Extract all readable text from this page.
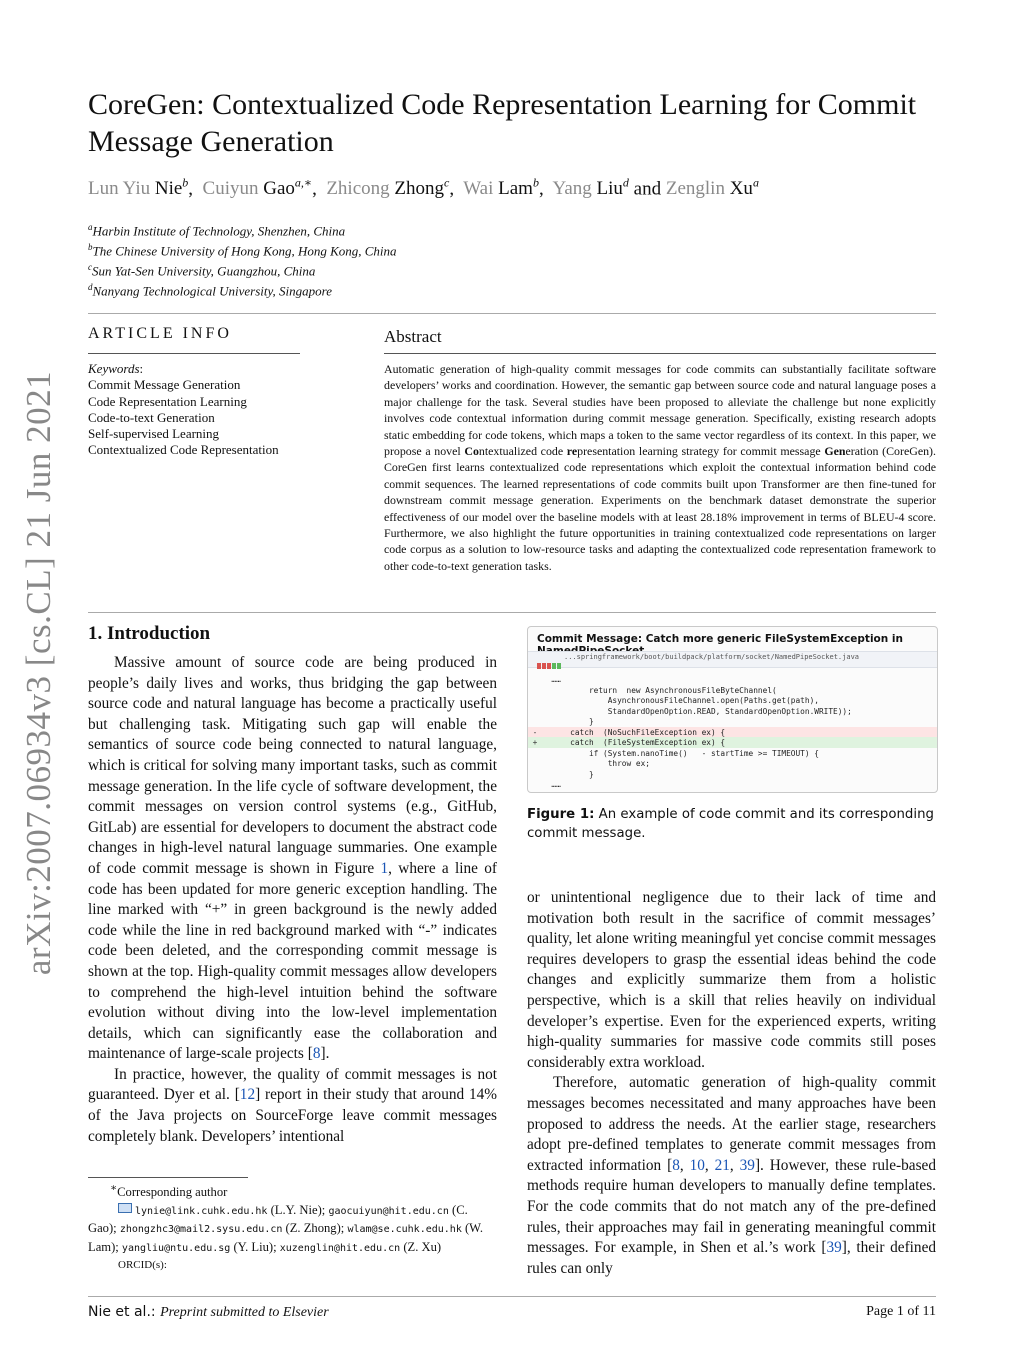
arXiv:2007.06934v3 [cs.CL] 21 Jun 2021
CoreGen: Contextualized Code Representation Learning for Commit Message Generation
Lun Yiu Nie$^b$,  Cuiyun Gao$^{a,∗}$,  Zhicong Zhong$^c$,  Wai Lam$^b$,  Yang Liu$^d$ and Zenglin Xu$^a$
$^a$Harbin Institute of Technology, Shenzhen, China
$^b$The Chinese University of Hong Kong, Hong Kong, China
$^c$Sun Yat-Sen University, Guangzhou, China
$^d$Nanyang Technological University, Singapore
ARTICLE INFO
Keywords:
Commit Message Generation
Code Representation Learning
Code-to-text Generation
Self-supervised Learning
Contextualized Code Representation
Abstract
Automatic generation of high-quality commit messages for code commits can substantially facilitate software developers’ works and coordination. However, the semantic gap between source code and natural language poses a major challenge for the task. Several studies have been proposed to alleviate the challenge but none explicitly involves code contextual information during commit message generation. Specifically, existing research adopts static embedding for code tokens, which maps a token to the same vector regardless of its context. In this paper, we propose a novel Contextualized code representation learning strategy for commit message Generation (CoreGen). CoreGen first learns contextualized code representations which exploit the contextual information behind code commit sequences. The learned representations of code commits built upon Transformer are then fine-tuned for downstream commit message generation. Experiments on the benchmark dataset demonstrate the superior effectiveness of our model over the baseline models with at least 28.18% improvement in terms of BLEU-4 score. Furthermore, we also highlight the future opportunities in training contextualized code representations on larger code corpus as a solution to low-resource tasks and adapting the contextualized code representation framework to other code-to-text generation tasks.
1. Introduction

Massive amount of source code are being produced in people’s daily lives and works, thus bridging the gap between source code and natural language has become a practically useful but challenging task. Mitigating such gap will enable the semantics of source code being connected to natural language, which is critical for solving many important tasks, such as commit message generation. In the life cycle of software development, the commit messages on version control systems (e.g., GitHub, GitLab) are essential for developers to document the abstract code changes in high-level natural language summaries. One example of code commit message is shown in Figure 1, where a line of code has been updated for more generic exception handling. The line marked with “+” in green background is the newly added code while the line in red background marked with “-” indicates code been deleted, and the corresponding commit message is shown at the top. High-quality commit messages allow developers to comprehend the high-level intuition behind the software evolution without diving into the low-level implementation details, which can significantly ease the collaboration and maintenance of large-scale projects [8].

In practice, however, the quality of commit messages is not guaranteed. Dyer et al. [12] report in their study that around 14% of the Java projects on SourceForge leave commit messages completely blank. Developers’ intentional

Commit Message: Catch more generic FileSystemException in
...springframework/boot/buildpack/platform/socket/NamedPipeSocket.java
……
return  new AsynchronousFileByteChannel(
AsynchronousFileChannel.open(Paths.get(path),
StandardOpenOption.READ, StandardOpenOption.WRITE));
}
-      catch  (NoSuchFileException ex) {
+      catch  (FileSystemException ex) {
if (System.nanoTime()   - startTime >= TIMEOUT) {
throw ex;
}
……
Figure 1: An example of code commit and its corresponding commit message.

or unintentional negligence due to their lack of time and motivation both result in the sacrifice of commit messages’ quality, let alone writing meaningful yet concise commit messages requires developers to grasp the essential ideas behind the code changes and explicitly summarize them from a holistic perspective, which is a skill that relies heavily on individual developer’s expertise. Even for the experienced experts, writing high-quality summaries for massive code commits still poses considerably extra workload.

Therefore, automatic generation of high-quality commit messages becomes necessitated and many approaches have been proposed to address the needs. At the earlier stage, researchers adopt pre-defined templates to generate commit messages from extracted information [8, 10, 21, 39]. However, these rule-based methods require human developers to manually define templates. For the code commits that do not match any of the pre-defined rules, their approaches may fail in generating meaningful commit messages. For example, in Shen et al.’s work [39], their defined rules can only

∗Corresponding author
lynie@link.cuhk.edu.hk (L.Y. Nie); gaocuiyun@hit.edu.cn (C. Gao); zhongzhc3@mail2.sysu.edu.cn (Z. Zhong); wlam@se.cuhk.edu.hk (W. Lam); yangliu@ntu.edu.sg (Y. Liu); xuzenglin@hit.edu.cn (Z. Xu)
ORCID(s):
Nie et al.: Preprint submitted to Elsevier	Page 1 of 11
